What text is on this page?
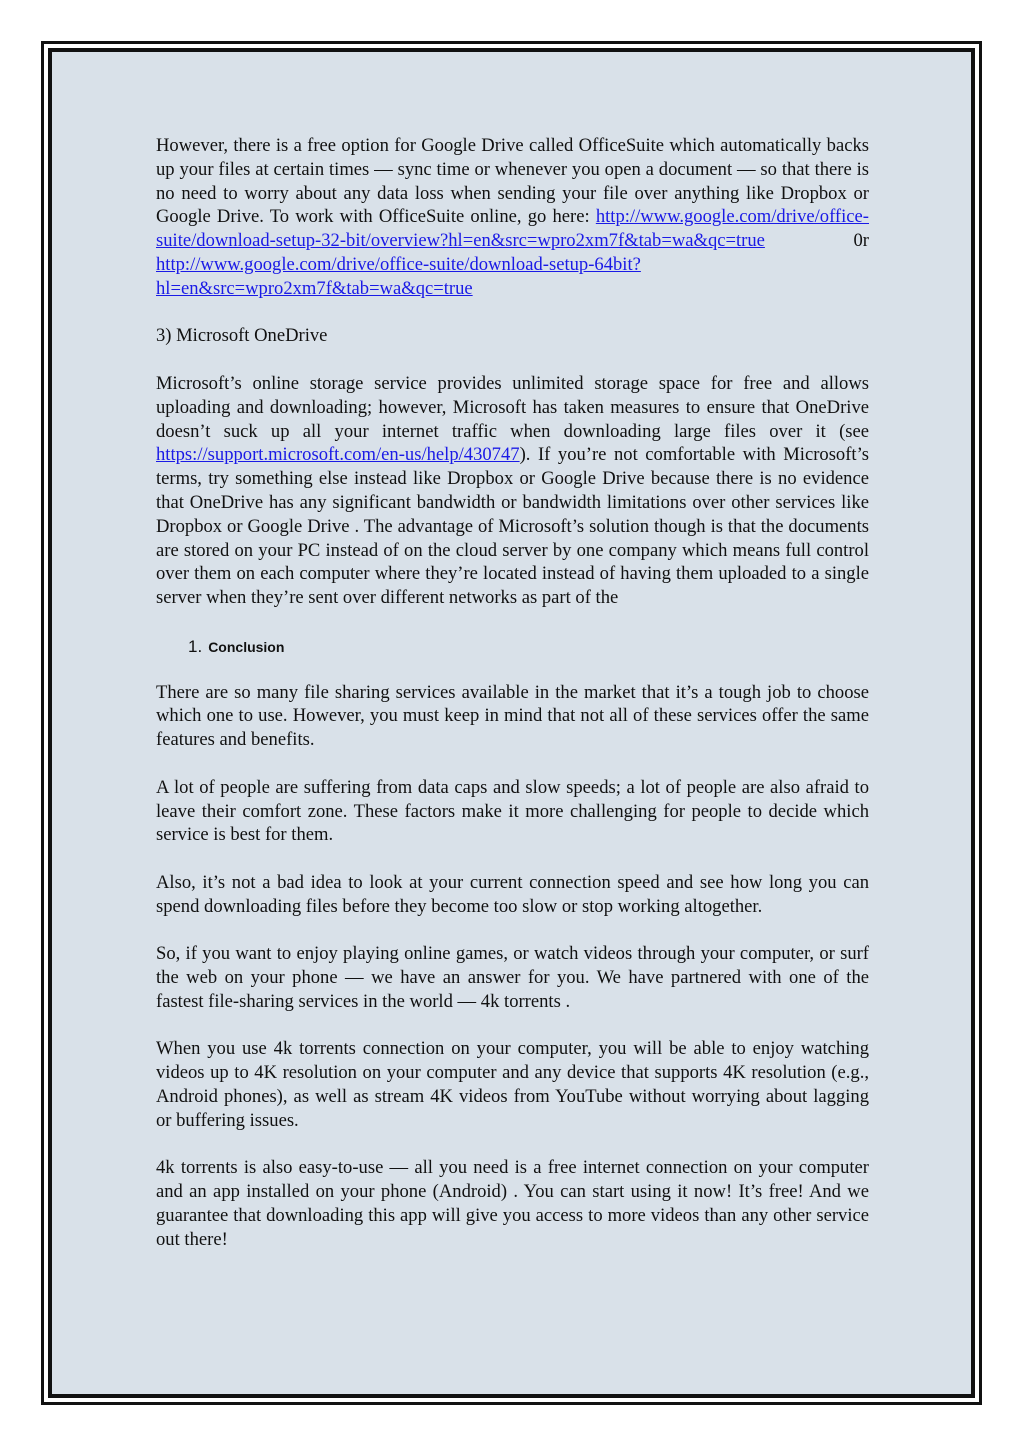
However, there is a free option for Google Drive called OfficeSuite which automatically backs up your files at certain times — sync time or whenever you open a document — so that there is no need to worry about any data loss when sending your file over anything like Dropbox or Google Drive. To work with OfficeSuite online, go here: http://www.google.com/drive/office-suite/download-setup-32-bit/overview?hl=en&src=wpro2xm7f&tab=wa&qc=true 0r http://www.google.com/drive/office-suite/download-setup-64bit?hl=en&src=wpro2xm7f&tab=wa&qc=true

3) Microsoft OneDrive

Microsoft’s online storage service provides unlimited storage space for free and allows uploading and downloading; however, Microsoft has taken measures to ensure that OneDrive doesn’t suck up all your internet traffic when downloading large files over it (see https://support.microsoft.com/en-us/help/430747). If you’re not comfortable with Microsoft’s terms, try something else instead like Dropbox or Google Drive because there is no evidence that OneDrive has any significant bandwidth or bandwidth limitations over other services like Dropbox or Google Drive . The advantage of Microsoft’s solution though is that the documents are stored on your PC instead of on the cloud server by one company which means full control over them on each computer where they’re located instead of having them uploaded to a single server when they’re sent over different networks as part of the

1. Conclusion

There are so many file sharing services available in the market that it’s a tough job to choose which one to use. However, you must keep in mind that not all of these services offer the same features and benefits.

A lot of people are suffering from data caps and slow speeds; a lot of people are also afraid to leave their comfort zone. These factors make it more challenging for people to decide which service is best for them.

Also, it’s not a bad idea to look at your current connection speed and see how long you can spend downloading files before they become too slow or stop working altogether.

So, if you want to enjoy playing online games, or watch videos through your computer, or surf the web on your phone — we have an answer for you. We have partnered with one of the fastest file-sharing services in the world — 4k torrents .

When you use 4k torrents connection on your computer, you will be able to enjoy watching videos up to 4K resolution on your computer and any device that supports 4K resolution (e.g., Android phones), as well as stream 4K videos from YouTube without worrying about lagging or buffering issues.

4k torrents is also easy-to-use — all you need is a free internet connection on your computer and an app installed on your phone (Android) . You can start using it now! It’s free! And we guarantee that downloading this app will give you access to more videos than any other service out there!
